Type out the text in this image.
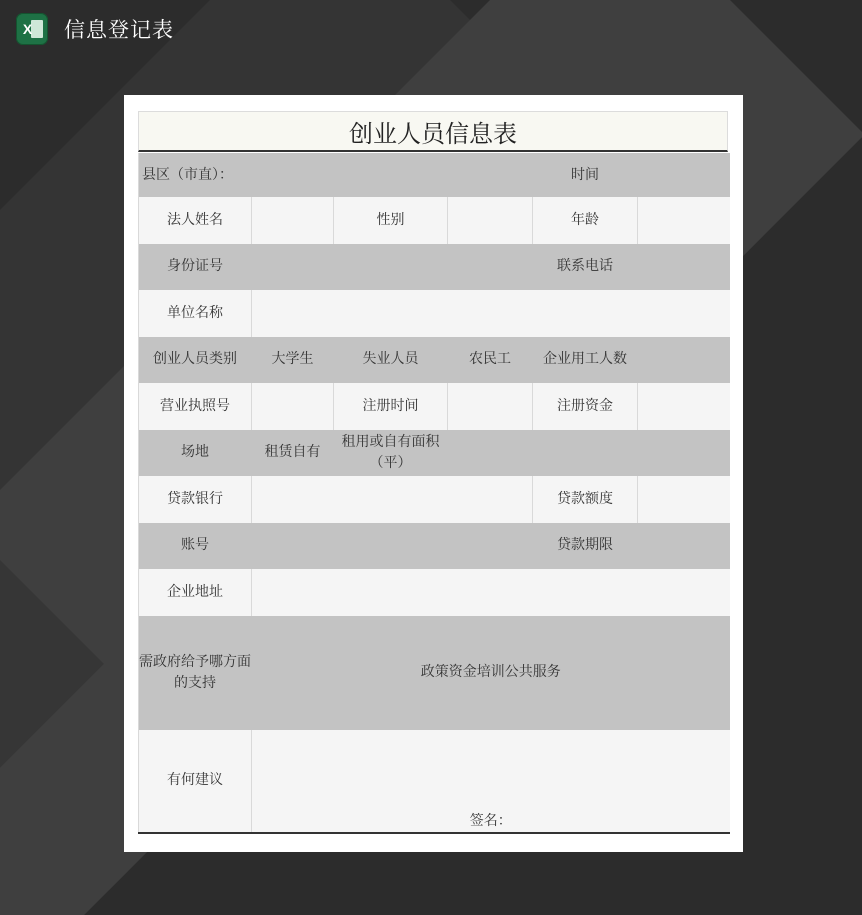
X 信息登记表
创业人员信息表
县区（市直）：				时间	
法人姓名		性别		年龄	
身份证号				联系电话	
单位名称					
创业人员类别	大学生	失业人员	农民工	企业用工人数	
营业执照号		注册时间		注册资金	
场地	租赁自有	租用或自有面积（平）			
贷款银行				贷款额度	
账号				贷款期限	
企业地址					
需政府给予哪方面的支持	政策资金培训公共服务				
有何建议	签名：				
